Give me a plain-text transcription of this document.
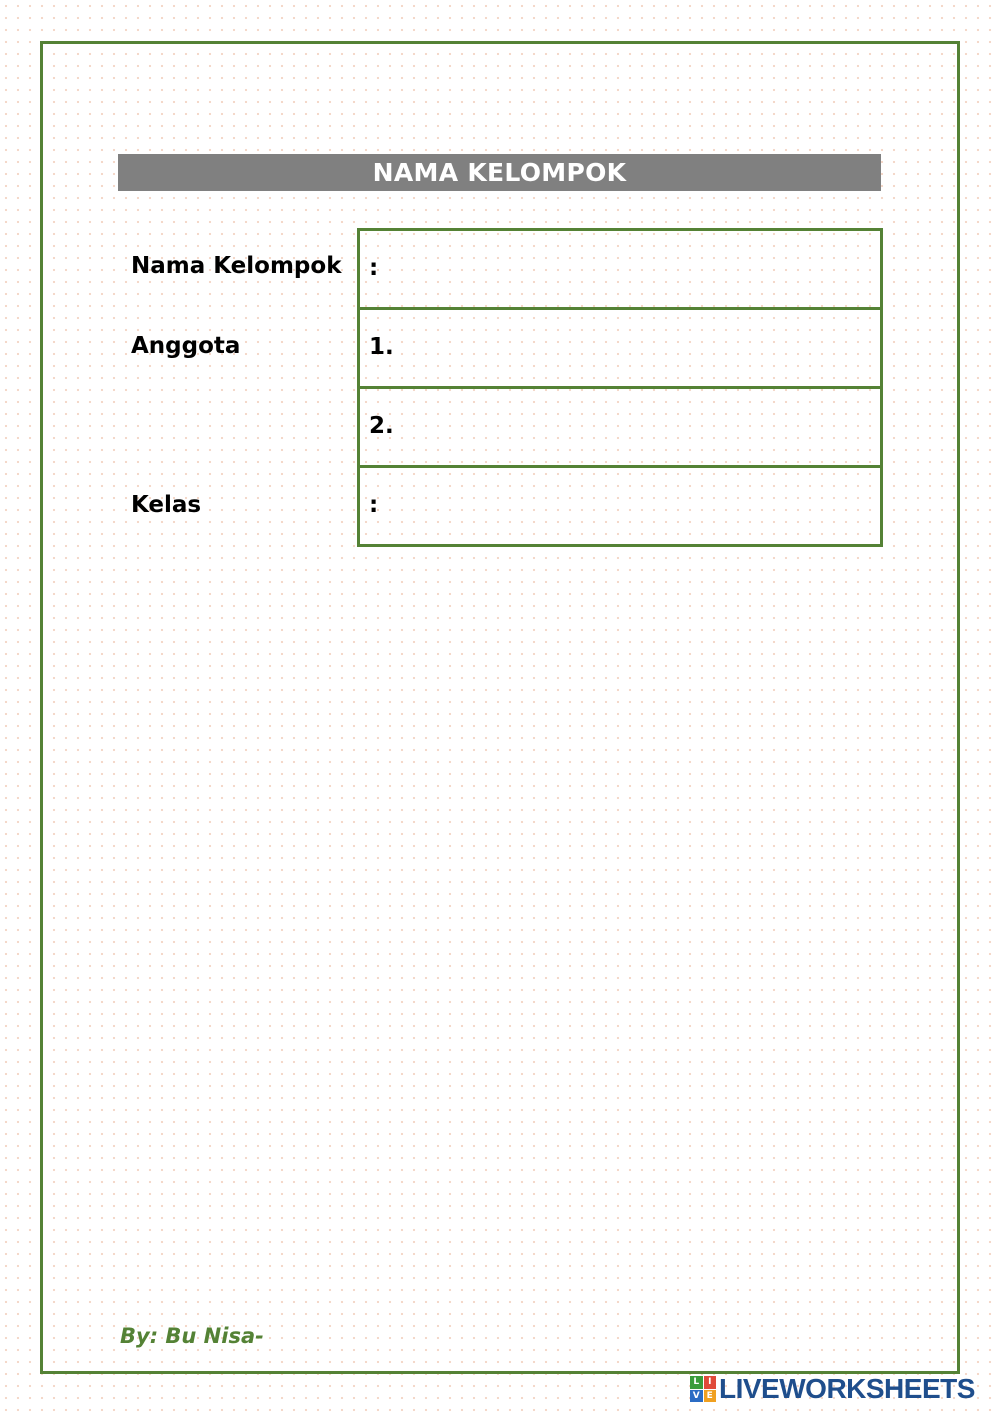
NAMA KELOMPOK
Nama Kelompok
Anggota
Kelas
:
1.
2.
:
By: Bu Nisa-
L I
V E LIVEWORKSHEETS
